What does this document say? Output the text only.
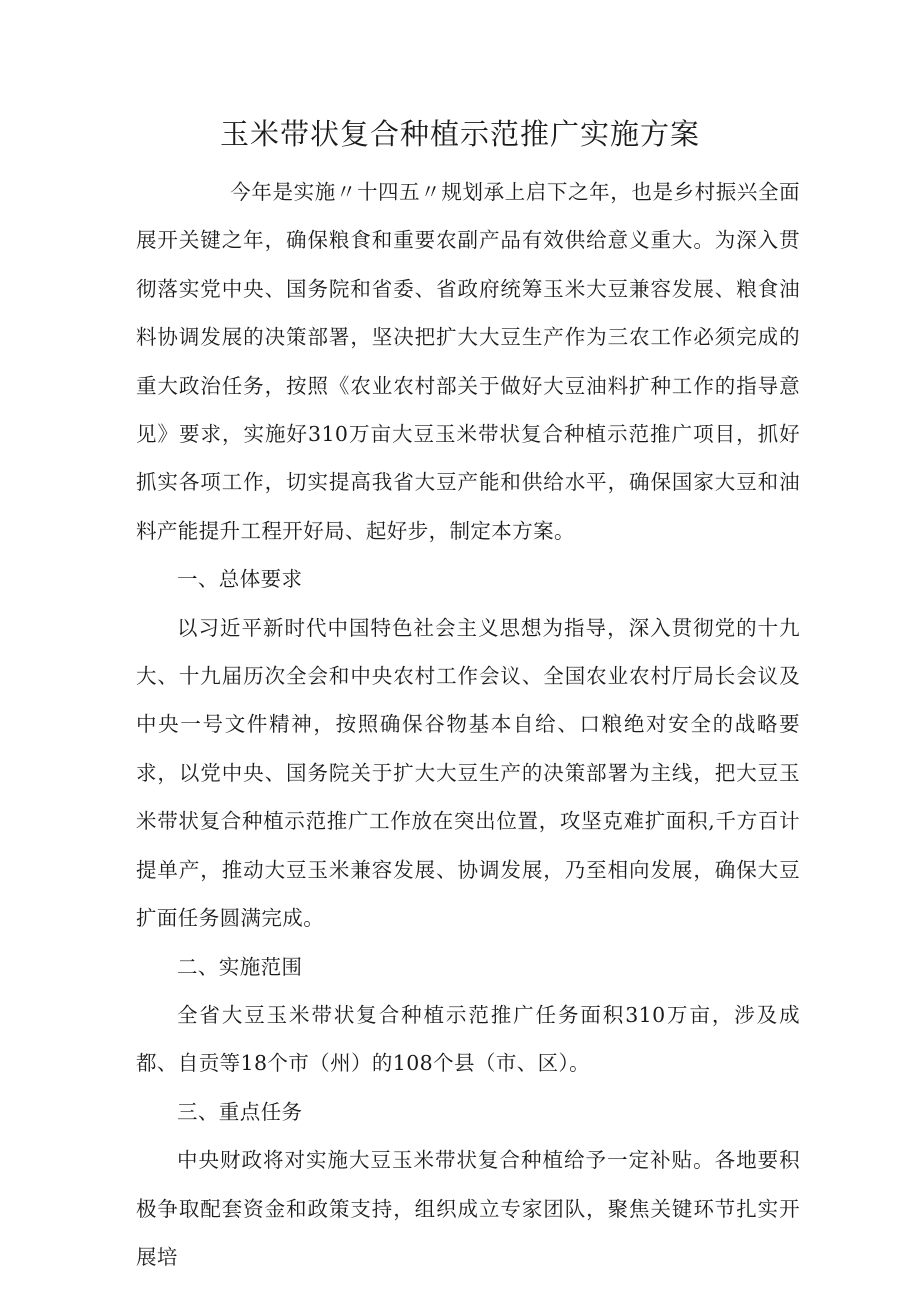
玉米带状复合种植示范推广实施方案

今年是实施〃十四五〃规划承上启下之年，也是乡村振兴全面展开关键之年，确保粮食和重要农副产品有效供给意义重大。为深入贯彻落实党中央、国务院和省委、省政府统筹玉米大豆兼容发展、粮食油料协调发展的决策部署，坚决把扩大大豆生产作为三农工作必须完成的重大政治任务，按照《农业农村部关于做好大豆油料扩种工作的指导意见》要求，实施好310万亩大豆玉米带状复合种植示范推广项目，抓好抓实各项工作，切实提高我省大豆产能和供给水平，确保国家大豆和油料产能提升工程开好局、起好步，制定本方案。

一、总体要求

以习近平新时代中国特色社会主义思想为指导，深入贯彻党的十九大、十九届历次全会和中央农村工作会议、全国农业农村厅局长会议及中央一号文件精神，按照确保谷物基本自给、口粮绝对安全的战略要求，以党中央、国务院关于扩大大豆生产的决策部署为主线，把大豆玉米带状复合种植示范推广工作放在突出位置，攻坚克难扩面积,千方百计提单产，推动大豆玉米兼容发展、协调发展，乃至相向发展，确保大豆扩面任务圆满完成。

二、实施范围

全省大豆玉米带状复合种植示范推广任务面积310万亩，涉及成都、自贡等18个市（州）的108个县（市、区）。

三、重点任务

中央财政将对实施大豆玉米带状复合种植给予一定补贴。各地要积极争取配套资金和政策支持，组织成立专家团队，聚焦关键环节扎实开展培
